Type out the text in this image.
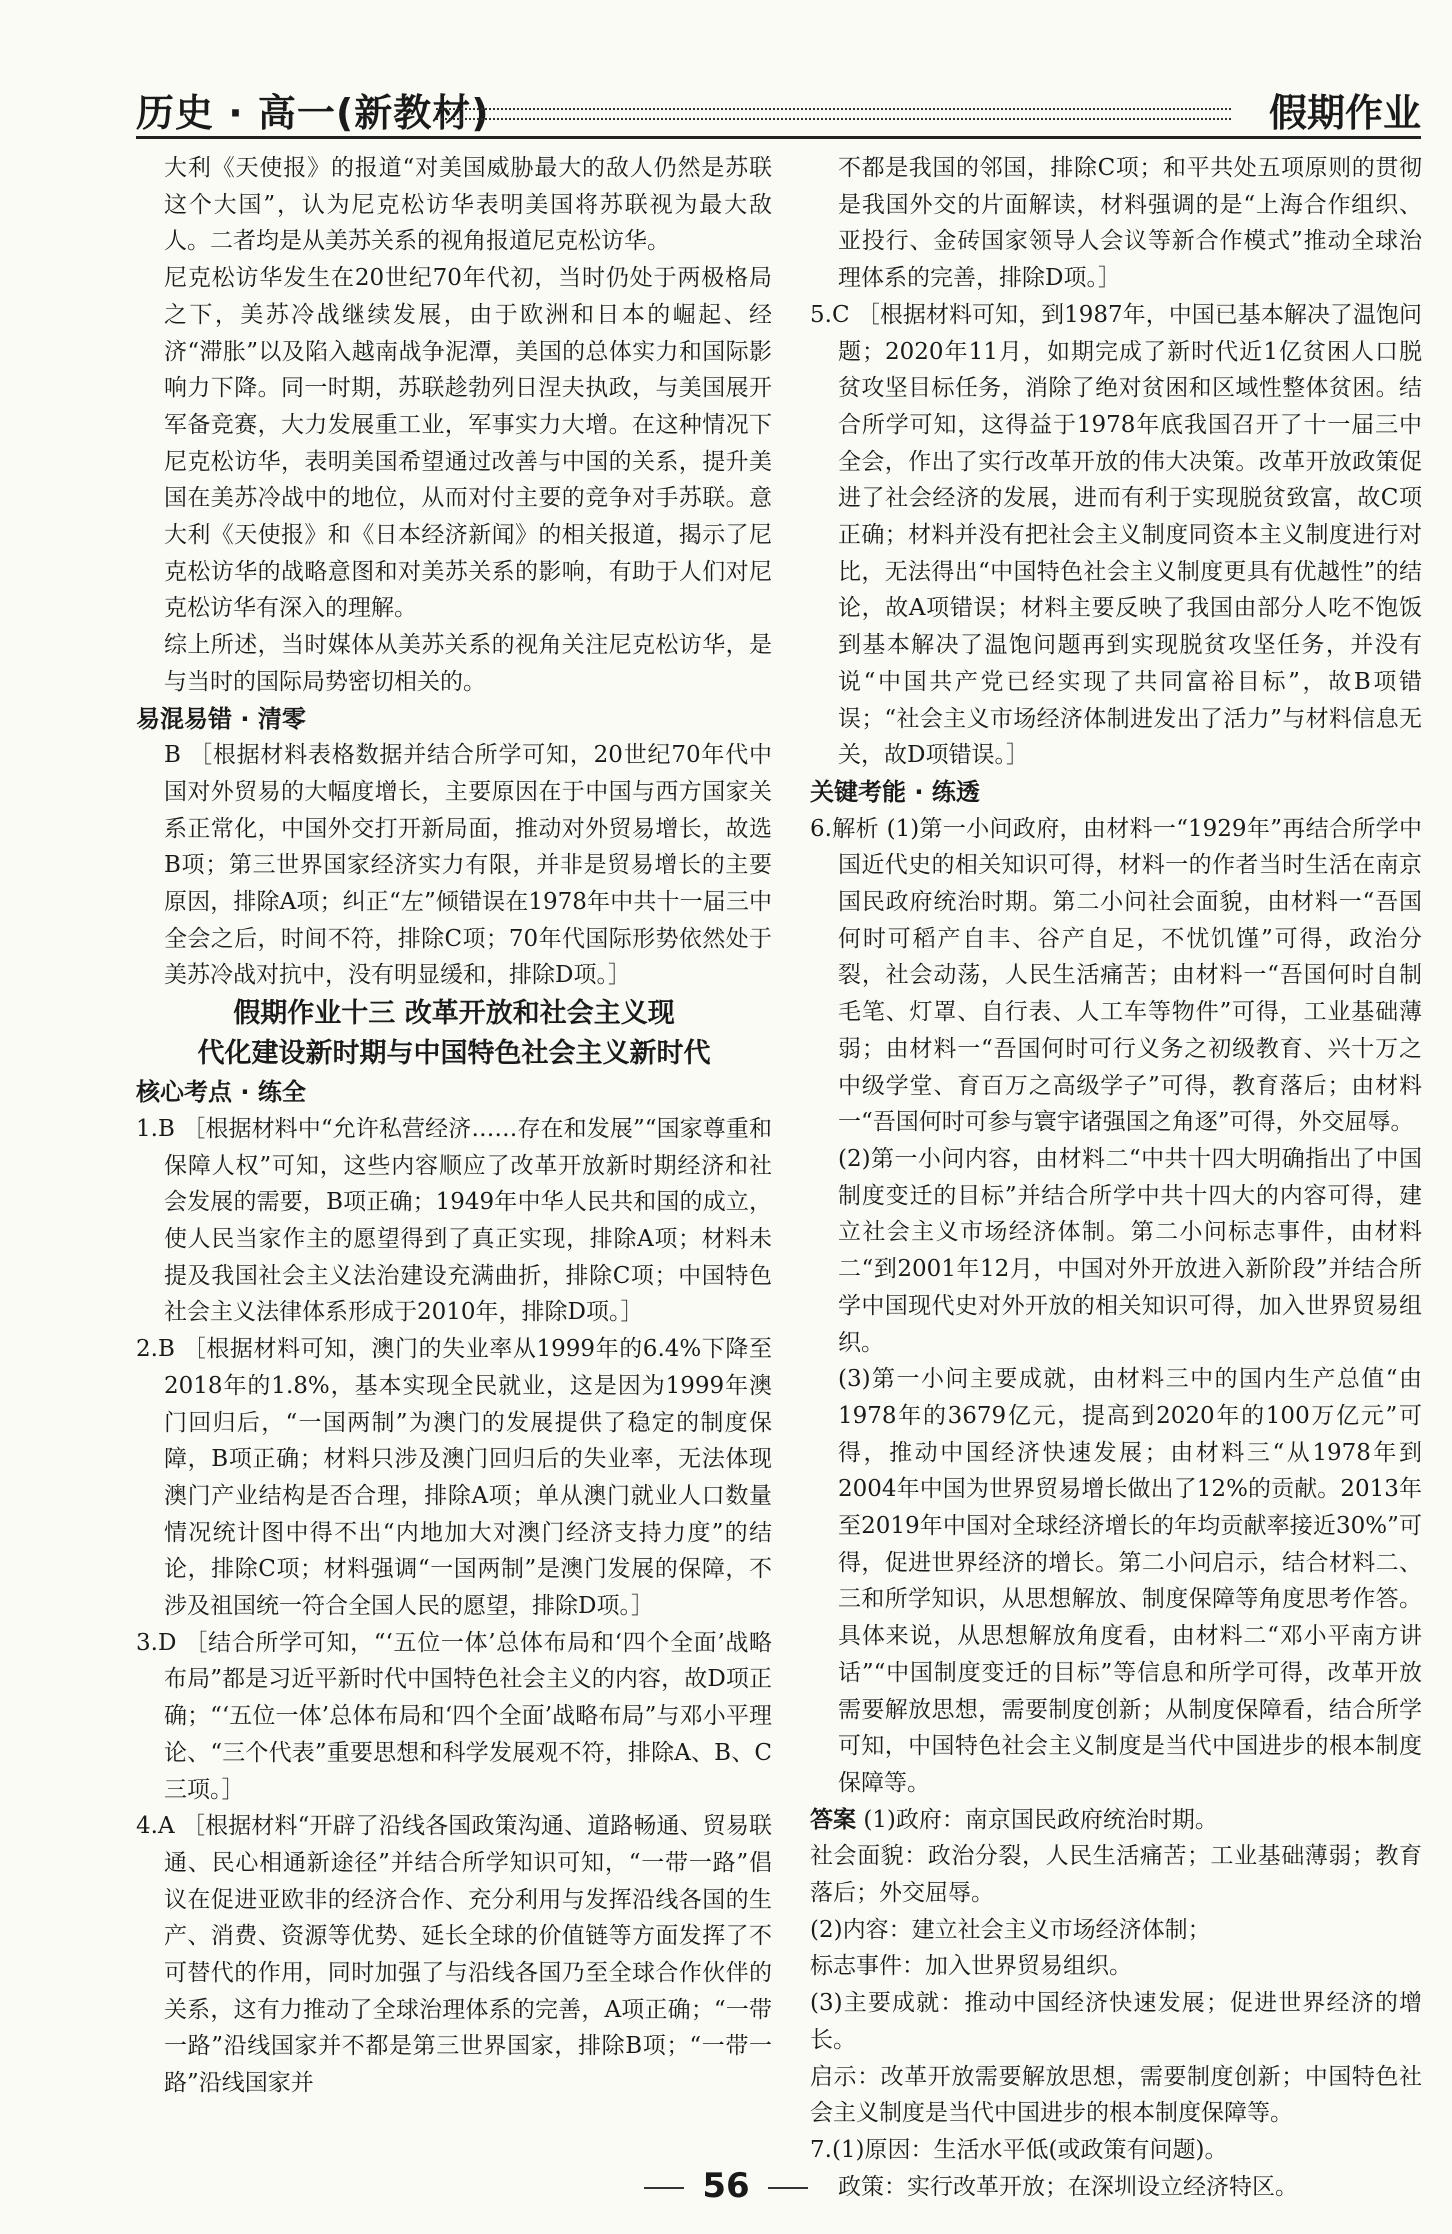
历史 · 高一(新教材)	假期作业

大利《天使报》的报道“对美国威胁最大的敌人仍然是苏联这个大国”，认为尼克松访华表明美国将苏联视为最大敌人。二者均是从美苏关系的视角报道尼克松访华。

尼克松访华发生在20世纪70年代初，当时仍处于两极格局之下，美苏冷战继续发展，由于欧洲和日本的崛起、经济“滞胀”以及陷入越南战争泥潭，美国的总体实力和国际影响力下降。同一时期，苏联趁勃列日涅夫执政，与美国展开军备竞赛，大力发展重工业，军事实力大增。在这种情况下尼克松访华，表明美国希望通过改善与中国的关系，提升美国在美苏冷战中的地位，从而对付主要的竞争对手苏联。意大利《天使报》和《日本经济新闻》的相关报道，揭示了尼克松访华的战略意图和对美苏关系的影响，有助于人们对尼克松访华有深入的理解。

综上所述，当时媒体从美苏关系的视角关注尼克松访华，是与当时的国际局势密切相关的。

易混易错 · 清零

B ［根据材料表格数据并结合所学可知，20世纪70年代中国对外贸易的大幅度增长，主要原因在于中国与西方国家关系正常化，中国外交打开新局面，推动对外贸易增长，故选B项；第三世界国家经济实力有限，并非是贸易增长的主要原因，排除A项；纠正“左”倾错误在1978年中共十一届三中全会之后，时间不符，排除C项；70年代国际形势依然处于美苏冷战对抗中，没有明显缓和，排除D项。］

假期作业十三 改革开放和社会主义现

代化建设新时期与中国特色社会主义新时代

核心考点 · 练全

1.B ［根据材料中“允许私营经济……存在和发展”“国家尊重和保障人权”可知，这些内容顺应了改革开放新时期经济和社会发展的需要，B项正确；1949年中华人民共和国的成立，使人民当家作主的愿望得到了真正实现，排除A项；材料未提及我国社会主义法治建设充满曲折，排除C项；中国特色社会主义法律体系形成于2010年，排除D项。］

2.B ［根据材料可知，澳门的失业率从1999年的6.4%下降至2018年的1.8%，基本实现全民就业，这是因为1999年澳门回归后，“一国两制”为澳门的发展提供了稳定的制度保障，B项正确；材料只涉及澳门回归后的失业率，无法体现澳门产业结构是否合理，排除A项；单从澳门就业人口数量情况统计图中得不出“内地加大对澳门经济支持力度”的结论，排除C项；材料强调“一国两制”是澳门发展的保障，不涉及祖国统一符合全国人民的愿望，排除D项。］

3.D ［结合所学可知，“‘五位一体’总体布局和‘四个全面’战略布局”都是习近平新时代中国特色社会主义的内容，故D项正确；“‘五位一体’总体布局和‘四个全面’战略布局”与邓小平理论、“三个代表”重要思想和科学发展观不符，排除A、B、C三项。］

4.A ［根据材料“开辟了沿线各国政策沟通、道路畅通、贸易联通、民心相通新途径”并结合所学知识可知，“一带一路”倡议在促进亚欧非的经济合作、充分利用与发挥沿线各国的生产、消费、资源等优势、延长全球的价值链等方面发挥了不可替代的作用，同时加强了与沿线各国乃至全球合作伙伴的关系，这有力推动了全球治理体系的完善，A项正确；“一带一路”沿线国家并不都是第三世界国家，排除B项；“一带一路”沿线国家并

不都是我国的邻国，排除C项；和平共处五项原则的贯彻是我国外交的片面解读，材料强调的是“上海合作组织、亚投行、金砖国家领导人会议等新合作模式”推动全球治理体系的完善，排除D项。］

5.C ［根据材料可知，到1987年，中国已基本解决了温饱问题；2020年11月，如期完成了新时代近1亿贫困人口脱贫攻坚目标任务，消除了绝对贫困和区域性整体贫困。结合所学可知，这得益于1978年底我国召开了十一届三中全会，作出了实行改革开放的伟大决策。改革开放政策促进了社会经济的发展，进而有利于实现脱贫致富，故C项正确；材料并没有把社会主义制度同资本主义制度进行对比，无法得出“中国特色社会主义制度更具有优越性”的结论，故A项错误；材料主要反映了我国由部分人吃不饱饭到基本解决了温饱问题再到实现脱贫攻坚任务，并没有说“中国共产党已经实现了共同富裕目标”，故B项错误；“社会主义市场经济体制进发出了活力”与材料信息无关，故D项错误。］

关键考能 · 练透

6.解析 (1)第一小问政府，由材料一“1929年”再结合所学中国近代史的相关知识可得，材料一的作者当时生活在南京国民政府统治时期。第二小问社会面貌，由材料一“吾国何时可稻产自丰、谷产自足，不忧饥馑”可得，政治分裂，社会动荡，人民生活痛苦；由材料一“吾国何时自制毛笔、灯罩、自行表、人工车等物件”可得，工业基础薄弱；由材料一“吾国何时可行义务之初级教育、兴十万之中级学堂、育百万之高级学子”可得，教育落后；由材料一“吾国何时可参与寰宇诸强国之角逐”可得，外交屈辱。

(2)第一小问内容，由材料二“中共十四大明确指出了中国制度变迁的目标”并结合所学中共十四大的内容可得，建立社会主义市场经济体制。第二小问标志事件，由材料二“到2001年12月，中国对外开放进入新阶段”并结合所学中国现代史对外开放的相关知识可得，加入世界贸易组织。

(3)第一小问主要成就，由材料三中的国内生产总值“由1978年的3679亿元，提高到2020年的100万亿元”可得，推动中国经济快速发展；由材料三“从1978年到2004年中国为世界贸易增长做出了12%的贡献。2013年至2019年中国对全球经济增长的年均贡献率接近30%”可得，促进世界经济的增长。第二小问启示，结合材料二、三和所学知识，从思想解放、制度保障等角度思考作答。具体来说，从思想解放角度看，由材料二“邓小平南方讲话”“中国制度变迁的目标”等信息和所学可得，改革开放需要解放思想，需要制度创新；从制度保障看，结合所学可知，中国特色社会主义制度是当代中国进步的根本制度保障等。

答案 (1)政府：南京国民政府统治时期。

社会面貌：政治分裂，人民生活痛苦；工业基础薄弱；教育落后；外交屈辱。

(2)内容：建立社会主义市场经济体制；

标志事件：加入世界贸易组织。

(3)主要成就：推动中国经济快速发展；促进世界经济的增长。

启示：改革开放需要解放思想，需要制度创新；中国特色社会主义制度是当代中国进步的根本制度保障等。

7.(1)原因：生活水平低(或政策有问题)。

政策：实行改革开放；在深圳设立经济特区。

56
